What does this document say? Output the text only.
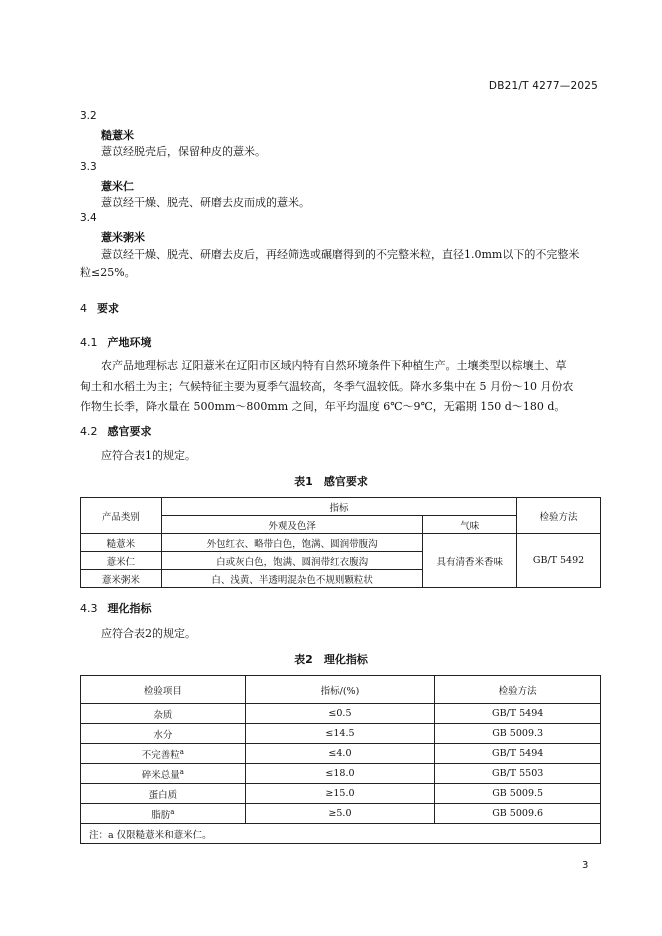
DB21/T 4277—2025
3.2
糙薏米
薏苡经脱壳后，保留种皮的薏米。
3.3
薏米仁
薏苡经干燥、脱壳、研磨去皮而成的薏米。
3.4
薏米粥米
薏苡经干燥、脱壳、研磨去皮后，再经筛选或碾磨得到的不完整米粒，直径1.0mm以下的不完整米
粒≤25%。
4 要求
4.1 产地环境
农产品地理标志 辽阳薏米在辽阳市区域内特有自然环境条件下种植生产。土壤类型以棕壤土、草
甸土和水稻土为主；气候特征主要为夏季气温较高，冬季气温较低。降水多集中在 5 月份～10 月份农
作物生长季，降水量在 500mm～800mm 之间，年平均温度 6℃～9℃，无霜期 150 d～180 d。
4.2 感官要求
应符合表1的规定。
表1　感官要求
产品类别	指标		检验方法
	外观及色泽	气味	
糙薏米	外包红衣、略带白色，饱满、圆润带腹沟	具有清香米香味	GB/T 5492
薏米仁	白或灰白色，饱满、圆润带红衣腹沟		
薏米粥米	白、浅黄、半透明混杂色不规则颗粒状		
4.3 理化指标
应符合表2的规定。
表2　理化指标
检验项目	指标/(%)	检验方法
杂质	≤0.5	GB/T 5494
水分	≤14.5	GB 5009.3
不完善粒$^a$	≤4.0	GB/T 5494
碎米总量$^a$	≤18.0	GB/T 5503
蛋白质	≥15.0	GB 5009.5
脂肪$^a$	≥5.0	GB 5009.6
注：a 仅限糙薏米和薏米仁。		
3
